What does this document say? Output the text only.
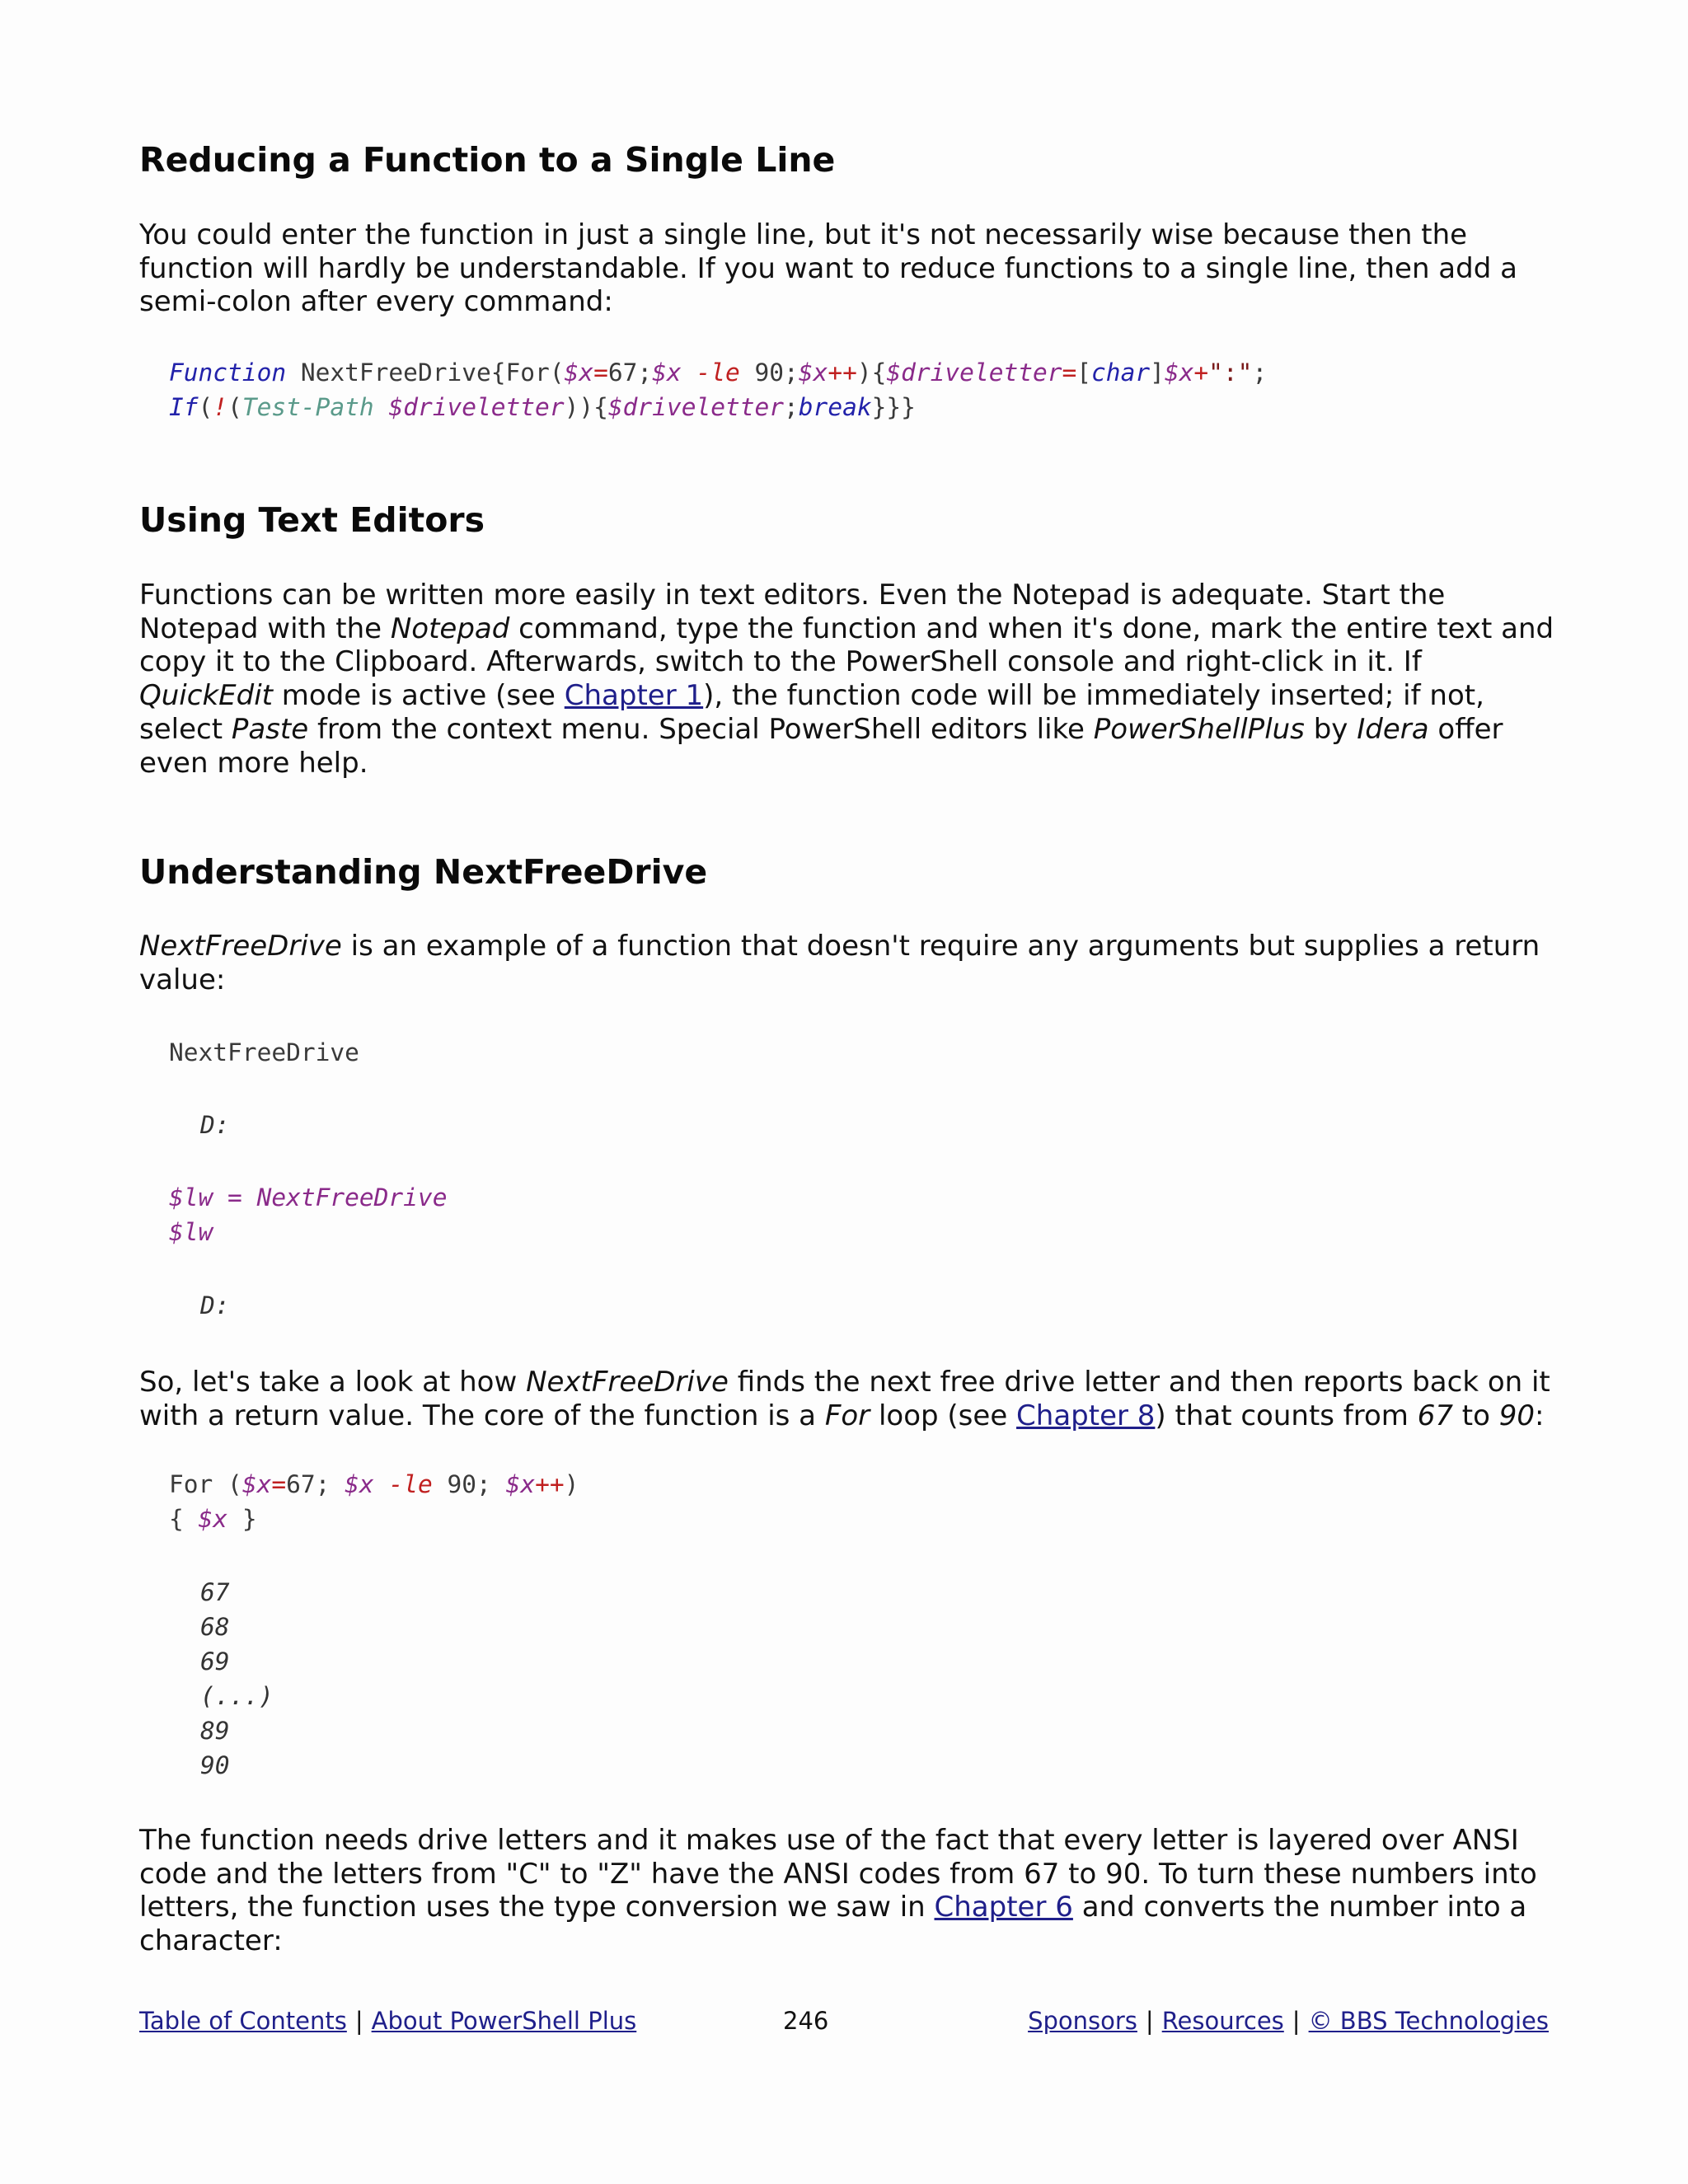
Reducing a Function to a Single Line

You could enter the function in just a single line, but it's not necessarily wise because then the function will hardly be understandable. If you want to reduce functions to a single line, then add a semi-colon after every command:

Function NextFreeDrive{For($x=67;$x -le 90;$x++){$driveletter=[char]$x+":";
If(!(Test-Path $driveletter)){$driveletter;break}}}
Using Text Editors

Functions can be written more easily in text editors. Even the Notepad is adequate. Start the Notepad with the Notepad command, type the function and when it's done, mark the entire text and copy it to the Clipboard. Afterwards, switch to the PowerShell console and right-click in it. If QuickEdit mode is active (see Chapter 1), the function code will be immediately inserted; if not, select Paste from the context menu. Special PowerShell editors like PowerShellPlus by Idera offer even more help.

Understanding NextFreeDrive

NextFreeDrive is an example of a function that doesn't require any arguments but supplies a return value:

NextFreeDrive
D:
$lw = NextFreeDrive
$lw
D:

So, let's take a look at how NextFreeDrive finds the next free drive letter and then reports back on it with a return value. The core of the function is a For loop (see Chapter 8) that counts from 67 to 90:

For ($x=67; $x -le 90; $x++)
{ $x }
67
68
69
(...)
89
90

The function needs drive letters and it makes use of the fact that every letter is layered over ANSI code and the letters from "C" to "Z" have the ANSI codes from 67 to 90. To turn these numbers into letters, the function uses the type conversion we saw in Chapter 6 and converts the number into a character:

Table of Contents | About PowerShell Plus	246	Sponsors | Resources | © BBS Technologies
